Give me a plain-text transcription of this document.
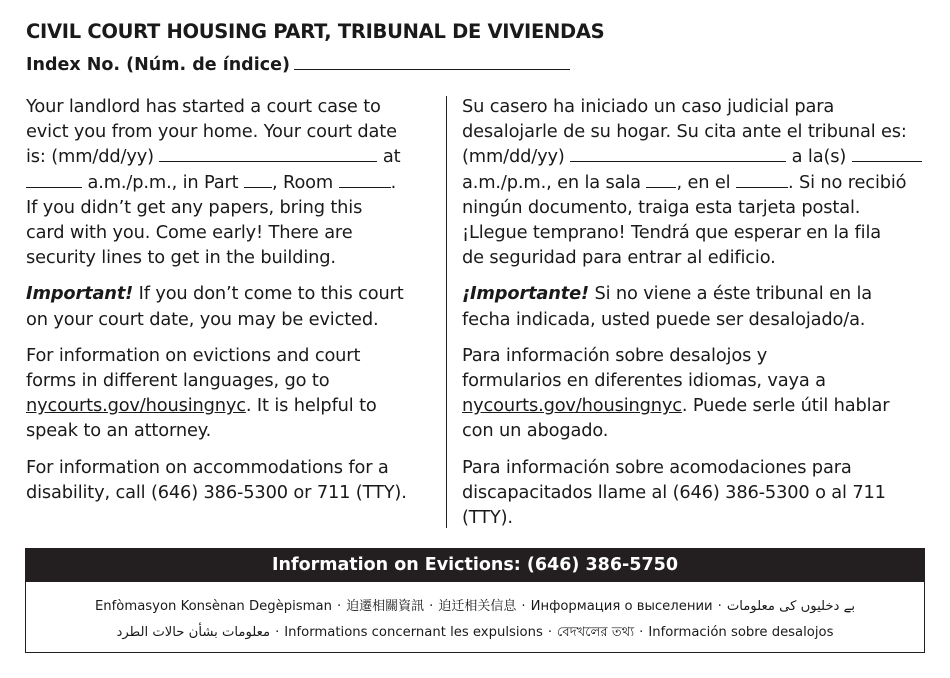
CIVIL COURT HOUSING PART, TRIBUNAL DE VIVIENDAS
Index No. (Núm. de índice)

Your landlord has started a court case to
evict you from your home. Your court date
is: (mm/dd/yy)	at
a.m./p.m., in Part , Room	.
If you didn’t get any papers, bring this
card with you. Come early! There are
security lines to get in the building.

Important! If you don’t come to this court
on your court date, you may be evicted.

For information on evictions and court
forms in different languages, go to
nycourts.gov/housingnyc. It is helpful to
speak to an attorney.

For information on accommodations for a
disability, call (646) 386-5300 or 711 (TTY).

Su casero ha iniciado un caso judicial para
desalojarle de su hogar. Su cita ante el tribunal es:
(mm/dd/yy)	a la(s)
a.m./p.m., en la sala , en el	. Si no recibió
ningún documento, traiga esta tarjeta postal.
¡Llegue temprano! Tendrá que esperar en la fila
de seguridad para entrar al edificio.

¡Importante! Si no viene a éste tribunal en la
fecha indicada, usted puede ser desalojado/a.

Para información sobre desalojos y
formularios en diferentes idiomas, vaya a
nycourts.gov/housingnyc. Puede serle útil hablar
con un abogado.

Para información sobre acomodaciones para
discapacitados llame al (646) 386-5300 o al 711
(TTY).

Information on Evictions: (646) 386-5750
Enfòmasyon Konsènan Degèpisman · 迫遷相關資訊 · 迫迁相关信息 · Информация о выселении · بے دخلیوں کی معلومات
معلومات بشأن حالات الطرد · Informations concernant les expulsions · বেদখলের তথ্য · Información sobre desalojos
